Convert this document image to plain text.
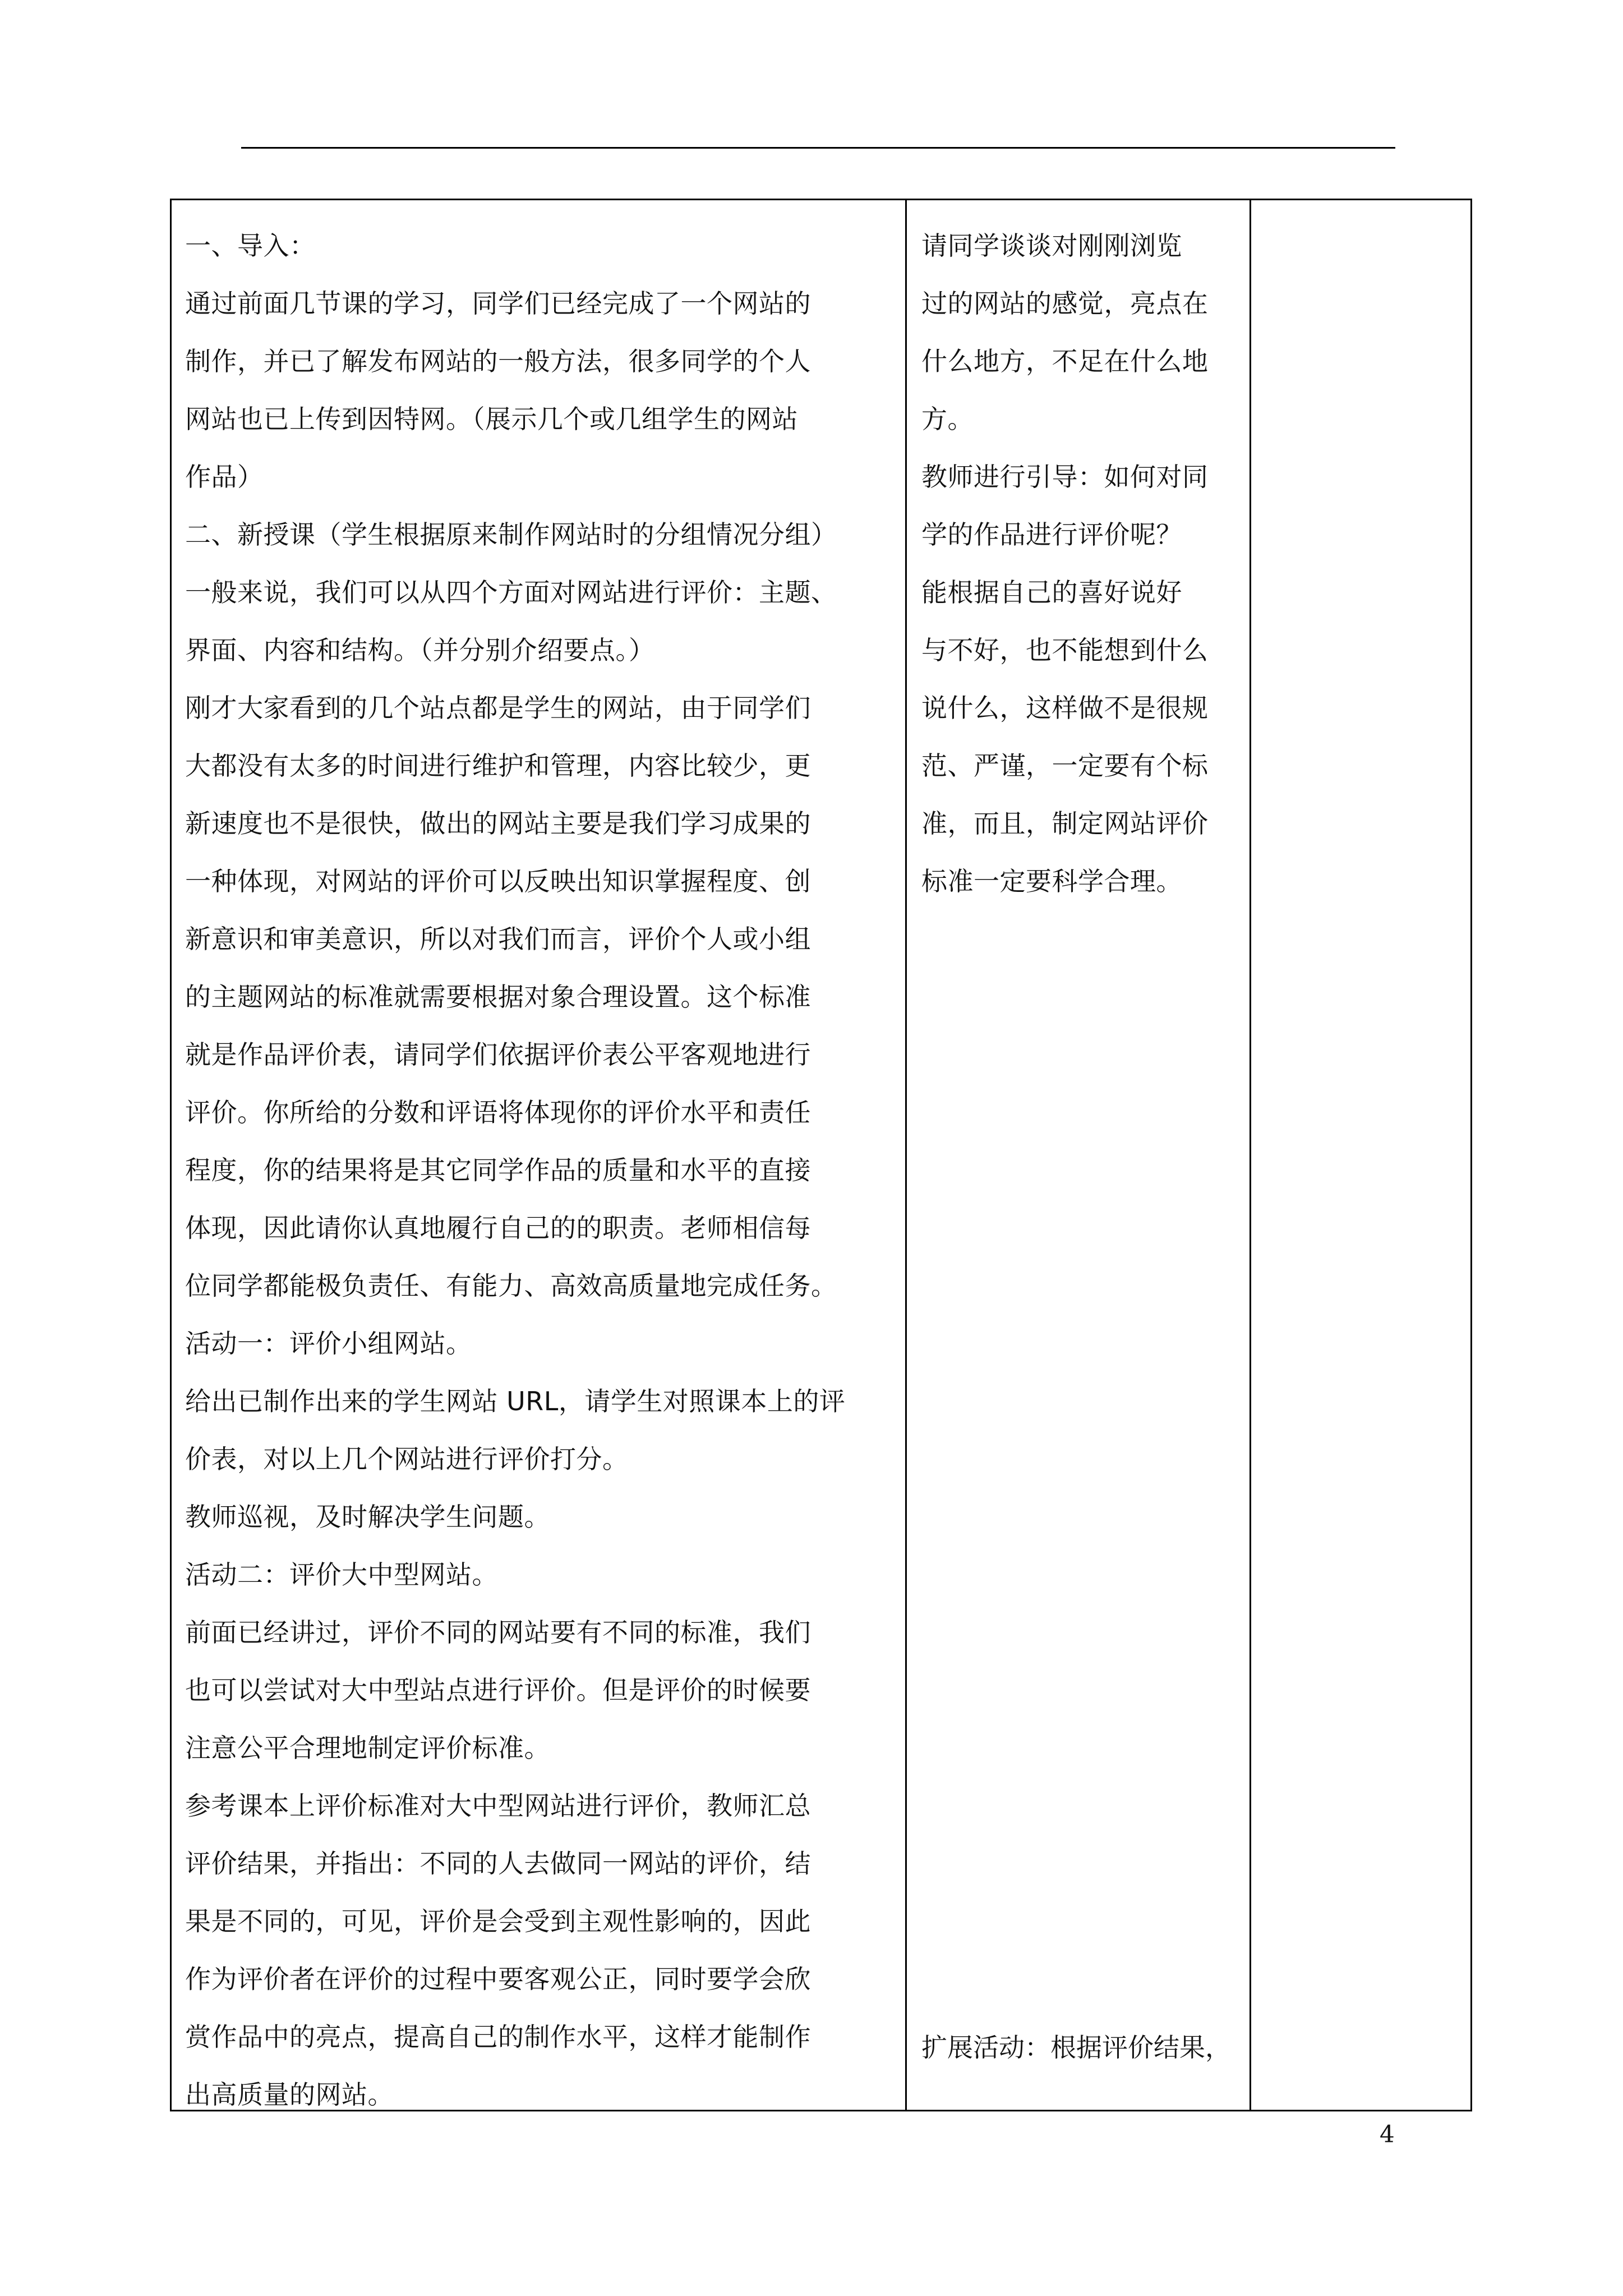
一、导入：
通过前面几节课的学习，同学们已经完成了一个网站的
制作，并已了解发布网站的一般方法，很多同学的个人
网站也已上传到因特网。（展示几个或几组学生的网站
作品）
二、新授课（学生根据原来制作网站时的分组情况分组）
一般来说，我们可以从四个方面对网站进行评价：主题、
界面、内容和结构。（并分别介绍要点。）
刚才大家看到的几个站点都是学生的网站，由于同学们
大都没有太多的时间进行维护和管理，内容比较少，更
新速度也不是很快，做出的网站主要是我们学习成果的
一种体现，对网站的评价可以反映出知识掌握程度、创
新意识和审美意识，所以对我们而言，评价个人或小组
的主题网站的标准就需要根据对象合理设置。这个标准
就是作品评价表，请同学们依据评价表公平客观地进行
评价。你所给的分数和评语将体现你的评价水平和责任
程度，你的结果将是其它同学作品的质量和水平的直接
体现，因此请你认真地履行自己的的职责。老师相信每
位同学都能极负责任、有能力、高效高质量地完成任务。
活动一：评价小组网站。
给出已制作出来的学生网站 URL，请学生对照课本上的评
价表，对以上几个网站进行评价打分。
教师巡视，及时解决学生问题。
活动二：评价大中型网站。
前面已经讲过，评价不同的网站要有不同的标准，我们
也可以尝试对大中型站点进行评价。但是评价的时候要
注意公平合理地制定评价标准。
参考课本上评价标准对大中型网站进行评价，教师汇总
评价结果，并指出：不同的人去做同一网站的评价，结
果是不同的，可见，评价是会受到主观性影响的，因此
作为评价者在评价的过程中要客观公正，同时要学会欣
赏作品中的亮点，提高自己的制作水平，这样才能制作
出高质量的网站。
请同学谈谈对刚刚浏览
过的网站的感觉，亮点在
什么地方，不足在什么地
方。
教师进行引导：如何对同
学的作品进行评价呢？
能根据自己的喜好说好
与不好，也不能想到什么
说什么，这样做不是很规
范、严谨，一定要有个标
准，而且，制定网站评价
标准一定要科学合理。
扩展活动：根据评价结果，
4
